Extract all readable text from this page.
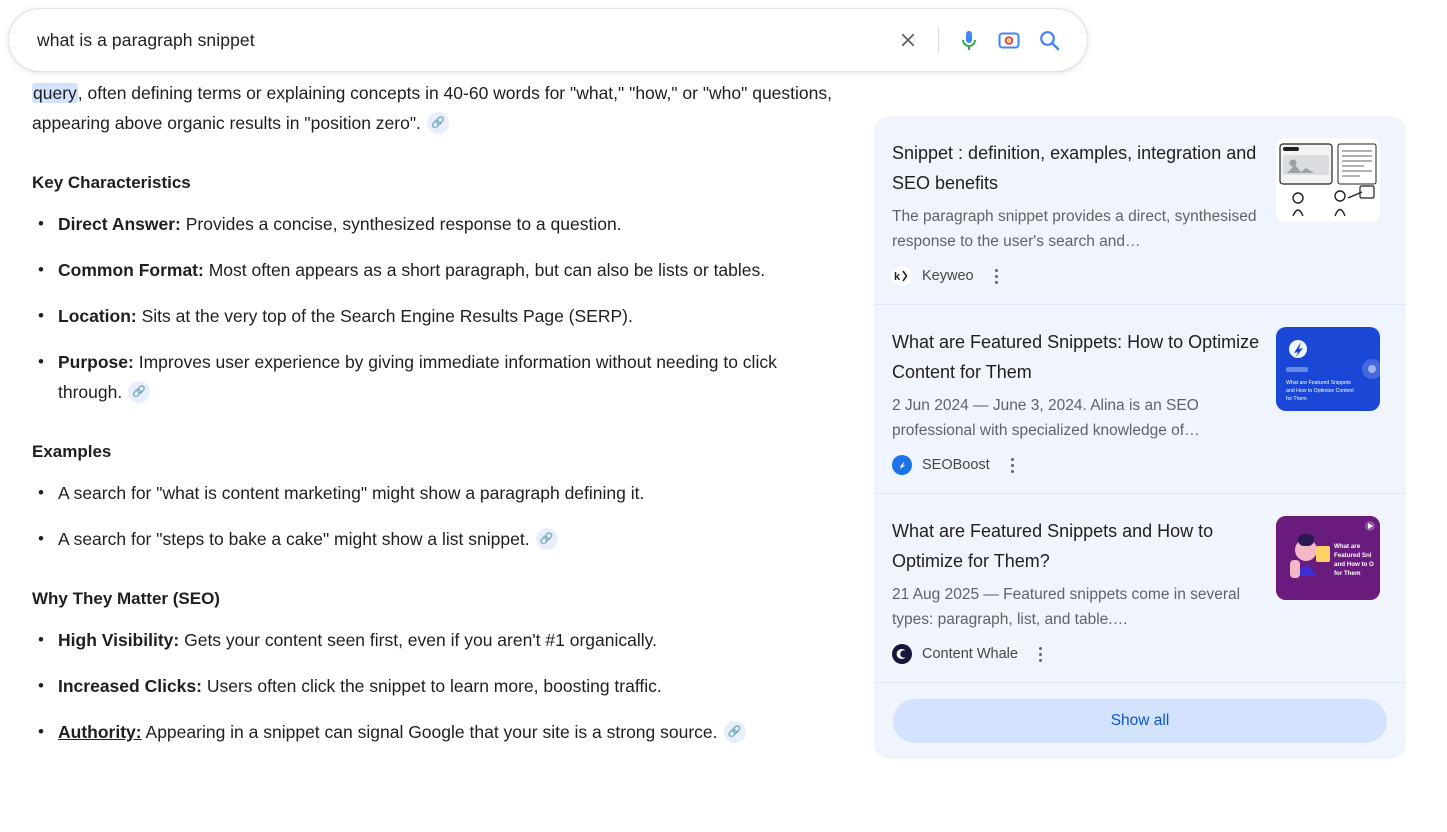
what is a paragraph snippet

query, often defining terms or explaining concepts in 40-60 words for "what," "how," or "who" questions, appearing above organic results in "position zero". 🔗

Key Characteristics
• Direct Answer: Provides a concise, synthesized response to a question.
• Common Format: Most often appears as a short paragraph, but can also be lists or tables.
• Location: Sits at the very top of the Search Engine Results Page (SERP).
• Purpose: Improves user experience by giving immediate information without needing to click through. 🔗
Examples
• A search for "what is content marketing" might show a paragraph defining it.
• A search for "steps to bake a cake" might show a list snippet. 🔗
Why They Matter (SEO)
• High Visibility: Gets your content seen first, even if you aren't #1 organically.
• Increased Clicks: Users often click the snippet to learn more, boosting traffic.
• Authority: Appearing in a snippet can signal Google that your site is a strong source. 🔗
Snippet : definition, examples, integration and SEO benefits
The paragraph snippet provides a direct, synthesised response to the user's search and…
k Keyweo
What are Featured Snippets: How to Optimize Content for Them
2 Jun 2024 — June 3, 2024. Alina is an SEO professional with specialized knowledge of…
SEOBoost
What are Featured Snippets
and How to Optimize Content
for Them
What are Featured Snippets and How to Optimize for Them?
21 Aug 2025 — Featured snippets come in several types: paragraph, list, and table.…
Content Whale
What are
Featured Sni
and How to O
for Them
Show all
